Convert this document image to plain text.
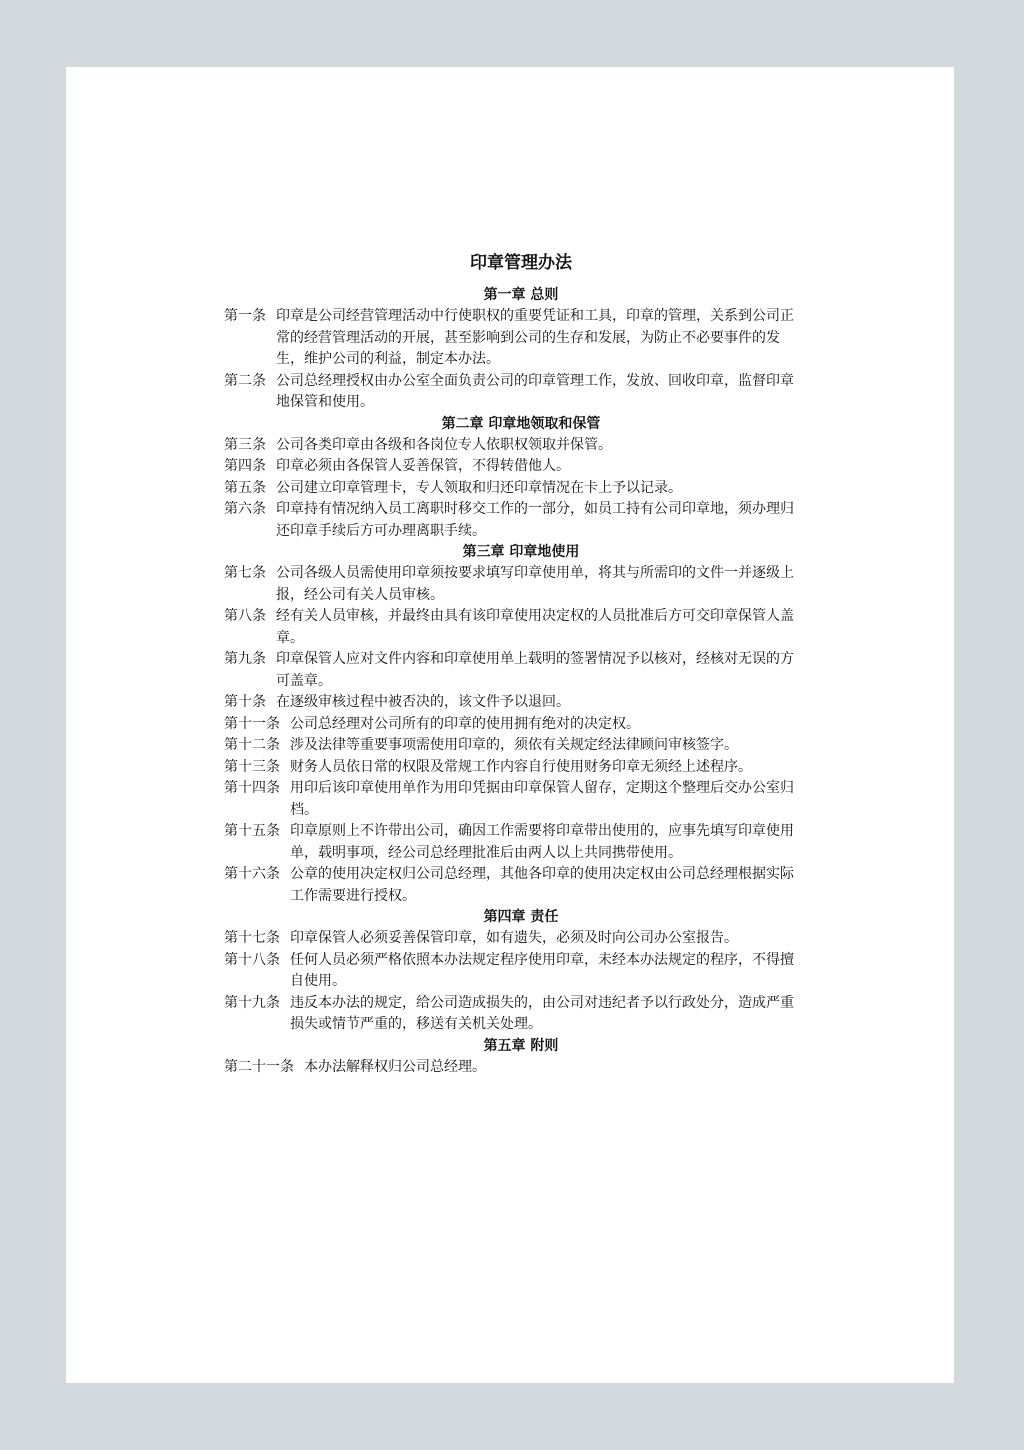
印章管理办法
第一章 总则
第一条 印章是公司经营管理活动中行使职权的重要凭证和工具，印章的管理，关系到公司正常的经营管理活动的开展，甚至影响到公司的生存和发展，为防止不必要事件的发生，维护公司的利益，制定本办法。
第二条 公司总经理授权由办公室全面负责公司的印章管理工作，发放、回收印章，监督印章地保管和使用。
第二章 印章地领取和保管
第三条 公司各类印章由各级和各岗位专人依职权领取并保管。
第四条 印章必须由各保管人妥善保管，不得转借他人。
第五条 公司建立印章管理卡，专人领取和归还印章情况在卡上予以记录。
第六条 印章持有情况纳入员工离职时移交工作的一部分，如员工持有公司印章地，须办理归还印章手续后方可办理离职手续。
第三章 印章地使用
第七条 公司各级人员需使用印章须按要求填写印章使用单，将其与所需印的文件一并逐级上报，经公司有关人员审核。
第八条 经有关人员审核，并最终由具有该印章使用决定权的人员批准后方可交印章保管人盖章。
第九条 印章保管人应对文件内容和印章使用单上载明的签署情况予以核对，经核对无误的方可盖章。
第十条 在逐级审核过程中被否决的，该文件予以退回。
第十一条 公司总经理对公司所有的印章的使用拥有绝对的决定权。
第十二条 涉及法律等重要事项需使用印章的，须依有关规定经法律顾问审核签字。
第十三条 财务人员依日常的权限及常规工作内容自行使用财务印章无须经上述程序。
第十四条 用印后该印章使用单作为用印凭据由印章保管人留存，定期这个整理后交办公室归档。
第十五条 印章原则上不许带出公司，确因工作需要将印章带出使用的，应事先填写印章使用单，载明事项，经公司总经理批准后由两人以上共同携带使用。
第十六条 公章的使用决定权归公司总经理，其他各印章的使用决定权由公司总经理根据实际工作需要进行授权。
第四章 责任
第十七条 印章保管人必须妥善保管印章，如有遗失，必须及时向公司办公室报告。
第十八条 任何人员必须严格依照本办法规定程序使用印章，未经本办法规定的程序，不得擅自使用。
第十九条 违反本办法的规定，给公司造成损失的，由公司对违纪者予以行政处分，造成严重损失或情节严重的，移送有关机关处理。
第五章 附则
第二十一条 本办法解释权归公司总经理。
